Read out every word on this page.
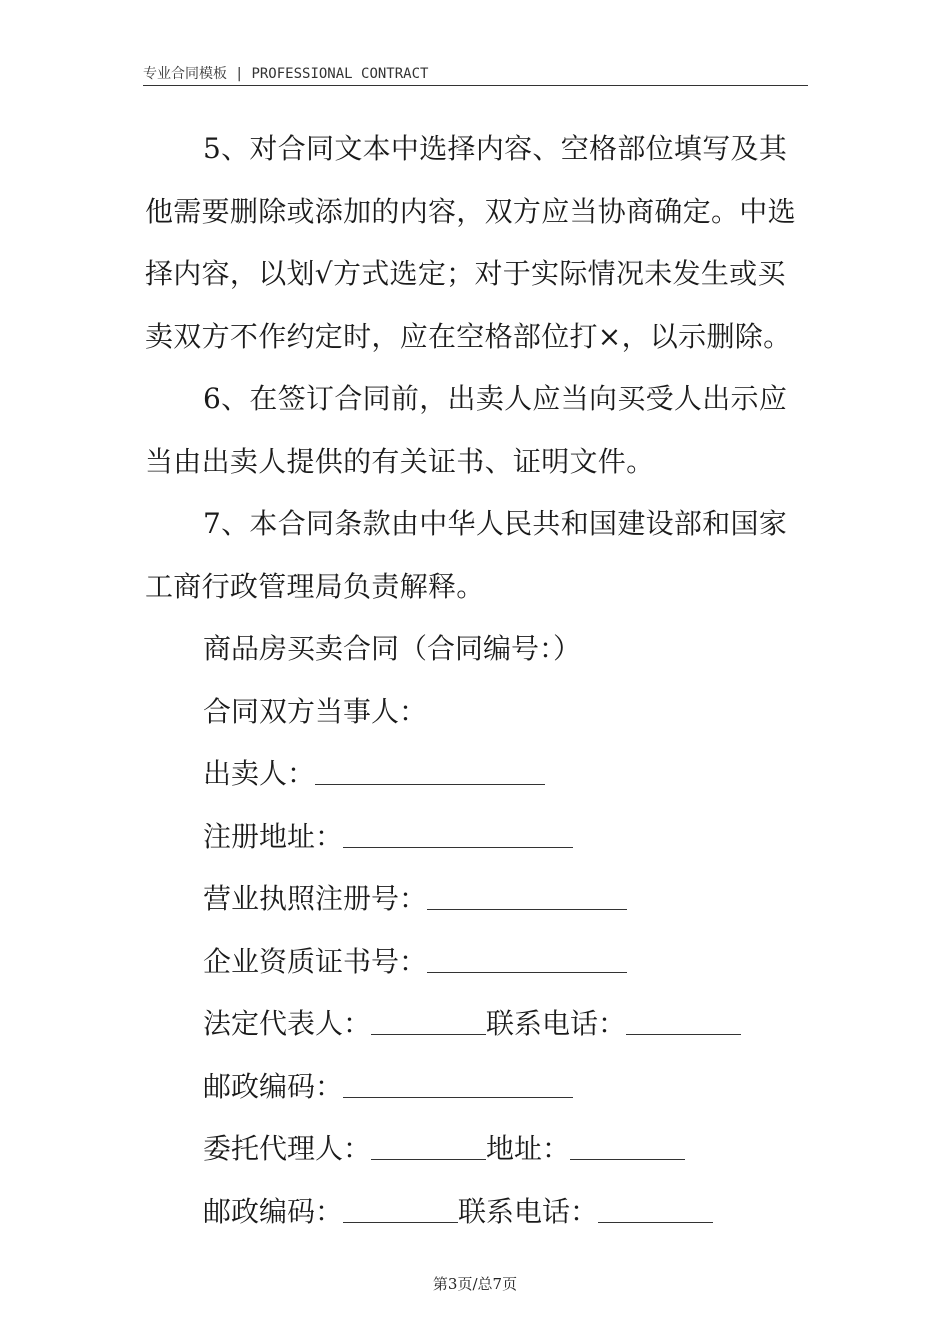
专业合同模板 | PROFESSIONAL CONTRACT

5、对合同文本中选择内容、空格部位填写及其他需要删除或添加的内容，双方应当协商确定。中选择内容，以划√方式选定；对于实际情况未发生或买卖双方不作约定时，应在空格部位打×，以示删除。

6、在签订合同前，出卖人应当向买受人出示应当由出卖人提供的有关证书、证明文件。

7、本合同条款由中华人民共和国建设部和国家工商行政管理局负责解释。

商品房买卖合同（合同编号：）

合同双方当事人：

出卖人：

注册地址：

营业执照注册号：

企业资质证书号：

法定代表人：	联系电话：

邮政编码：

委托代理人：	地址：

邮政编码：	联系电话：

第3页/总7页
